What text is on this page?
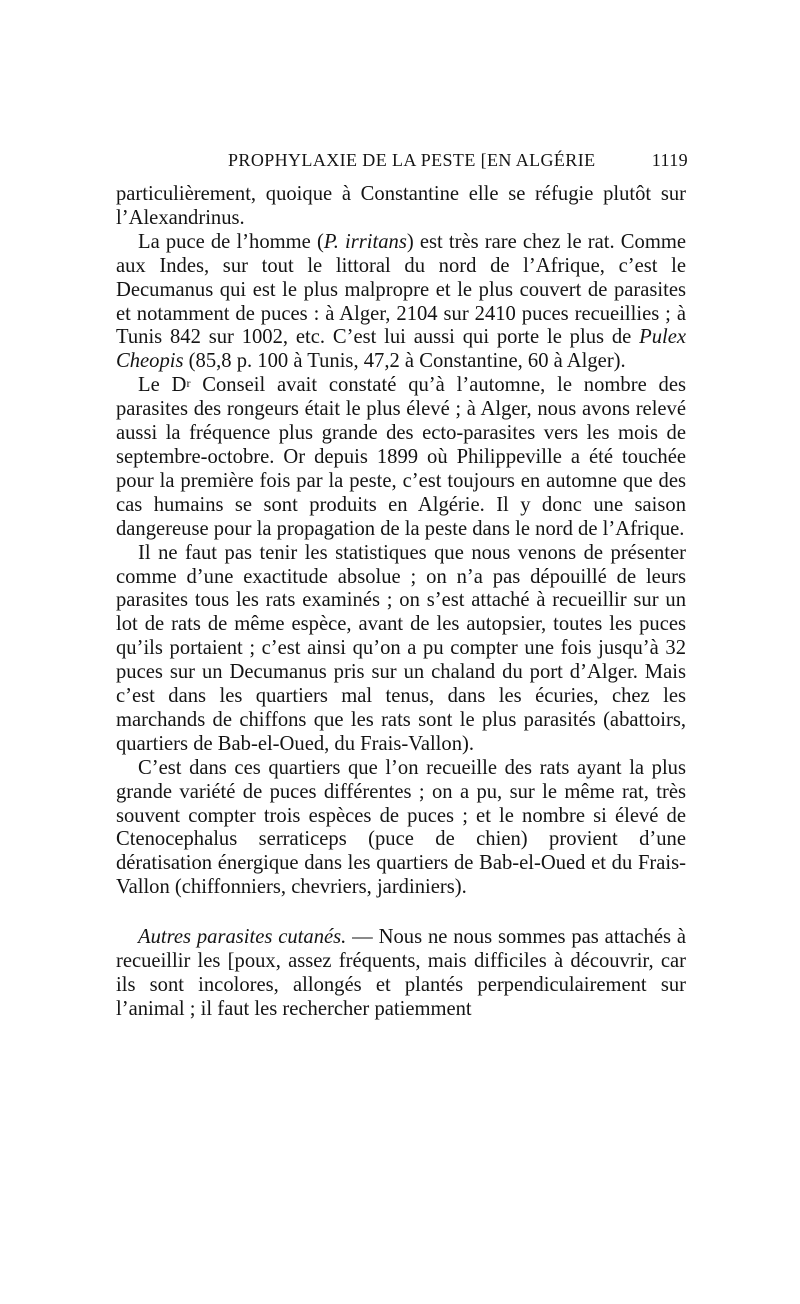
PROPHYLAXIE DE LA PESTE [EN ALGÉRIE	1119

particulièrement, quoique à Constantine elle se réfugie plutôt sur l’Alexandrinus.

La puce de l’homme (P. irritans) est très rare chez le rat. Comme aux Indes, sur tout le littoral du nord de l’Afrique, c’est le Decumanus qui est le plus malpropre et le plus couvert de parasites et notamment de puces : à Alger, 2104 sur 2410 puces recueillies ; à Tunis 842 sur 1002, etc. C’est lui aussi qui porte le plus de Pulex Cheopis (85,8 p. 100 à Tunis, 47,2 à Constantine, 60 à Alger).

Le $D^r$ Conseil avait constaté qu’à l’automne, le nombre des parasites des rongeurs était le plus élevé ; à Alger, nous avons relevé aussi la fréquence plus grande des ecto-parasites vers les mois de septembre-octobre. Or depuis 1899 où Philippeville a été touchée pour la première fois par la peste, c’est toujours en automne que des cas humains se sont produits en Algérie. Il y donc une saison dangereuse pour la propagation de la peste dans le nord de l’Afrique.

Il ne faut pas tenir les statistiques que nous venons de présenter comme d’une exactitude absolue ; on n’a pas dépouillé de leurs parasites tous les rats examinés ; on s’est attaché à recueillir sur un lot de rats de même espèce, avant de les autopsier, toutes les puces qu’ils portaient ; c’est ainsi qu’on a pu compter une fois jusqu’à 32 puces sur un Decumanus pris sur un chaland du port d’Alger. Mais c’est dans les quartiers mal tenus, dans les écuries, chez les marchands de chiffons que les rats sont le plus parasités (abattoirs, quartiers de Bab-el-Oued, du Frais-Vallon).

C’est dans ces quartiers que l’on recueille des rats ayant la plus grande variété de puces différentes ; on a pu, sur le même rat, très souvent compter trois espèces de puces ; et le nombre si élevé de Ctenocephalus serraticeps (puce de chien) provient d’une dératisation énergique dans les quartiers de Bab-el-Oued et du Frais-Vallon (chiffonniers, chevriers, jardiniers).

Autres parasites cutanés. — Nous ne nous sommes pas attachés à recueillir les [poux, assez fréquents, mais difficiles à découvrir, car ils sont incolores, allongés et plantés perpendiculairement sur l’animal ; il faut les rechercher patiemment
